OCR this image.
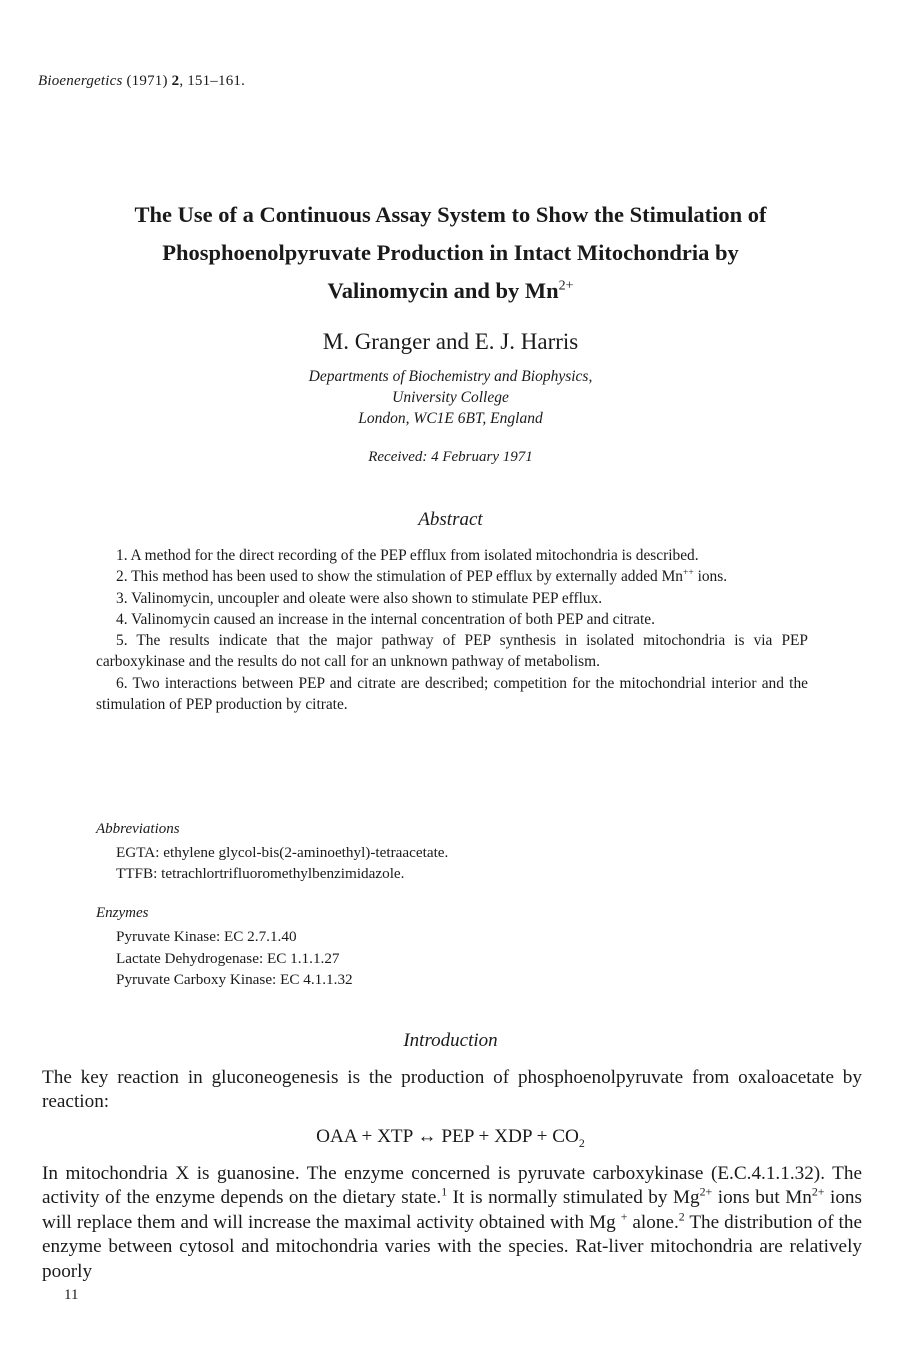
Bioenergetics (1971) 2, 151–161.
The Use of a Continuous Assay System to Show the Stimulation of
Phosphoenolpyruvate Production in Intact Mitochondria by
Valinomycin and by $Mn^{2+}$
M. Granger and E. J. Harris
Departments of Biochemistry and Biophysics,
University College
London, WC1E 6BT, England
Received: 4 February 1971
Abstract

1. A method for the direct recording of the PEP efflux from isolated mitochondria is described.

2. This method has been used to show the stimulation of PEP efflux by externally added Mn++ ions.

3. Valinomycin, uncoupler and oleate were also shown to stimulate PEP efflux.

4. Valinomycin caused an increase in the internal concentration of both PEP and citrate.

5. The results indicate that the major pathway of PEP synthesis in isolated mitochondria is via PEP carboxykinase and the results do not call for an unknown pathway of metabolism.

6. Two interactions between PEP and citrate are described; competition for the mitochondrial interior and the stimulation of PEP production by citrate.

Abbreviations
EGTA: ethylene glycol-bis(2-aminoethyl)-tetraacetate.
TTFB: tetrachlortrifluoromethylbenzimidazole.
Enzymes
Pyruvate Kinase: EC 2.7.1.40
Lactate Dehydrogenase: EC 1.1.1.27
Pyruvate Carboxy Kinase: EC 4.1.1.32
Introduction
The key reaction in gluconeogenesis is the production of phosphoenolpyruvate from oxaloacetate by reaction:
OAA + XTP ↔ PEP + XDP + $CO_2$
In mitochondria X is guanosine. The enzyme concerned is pyruvate carboxykinase (E.C.4.1.1.32). The activity of the enzyme depends on the dietary state.$^1$ It is normally stimulated by $Mg^{2+}$ ions but $Mn^{2+}$ ions will replace them and will increase the maximal activity obtained with Mg + alone.$^2$ The distribution of the enzyme between cytosol and mitochondria varies with the species. Rat-liver mitochondria are relatively poorly
11
